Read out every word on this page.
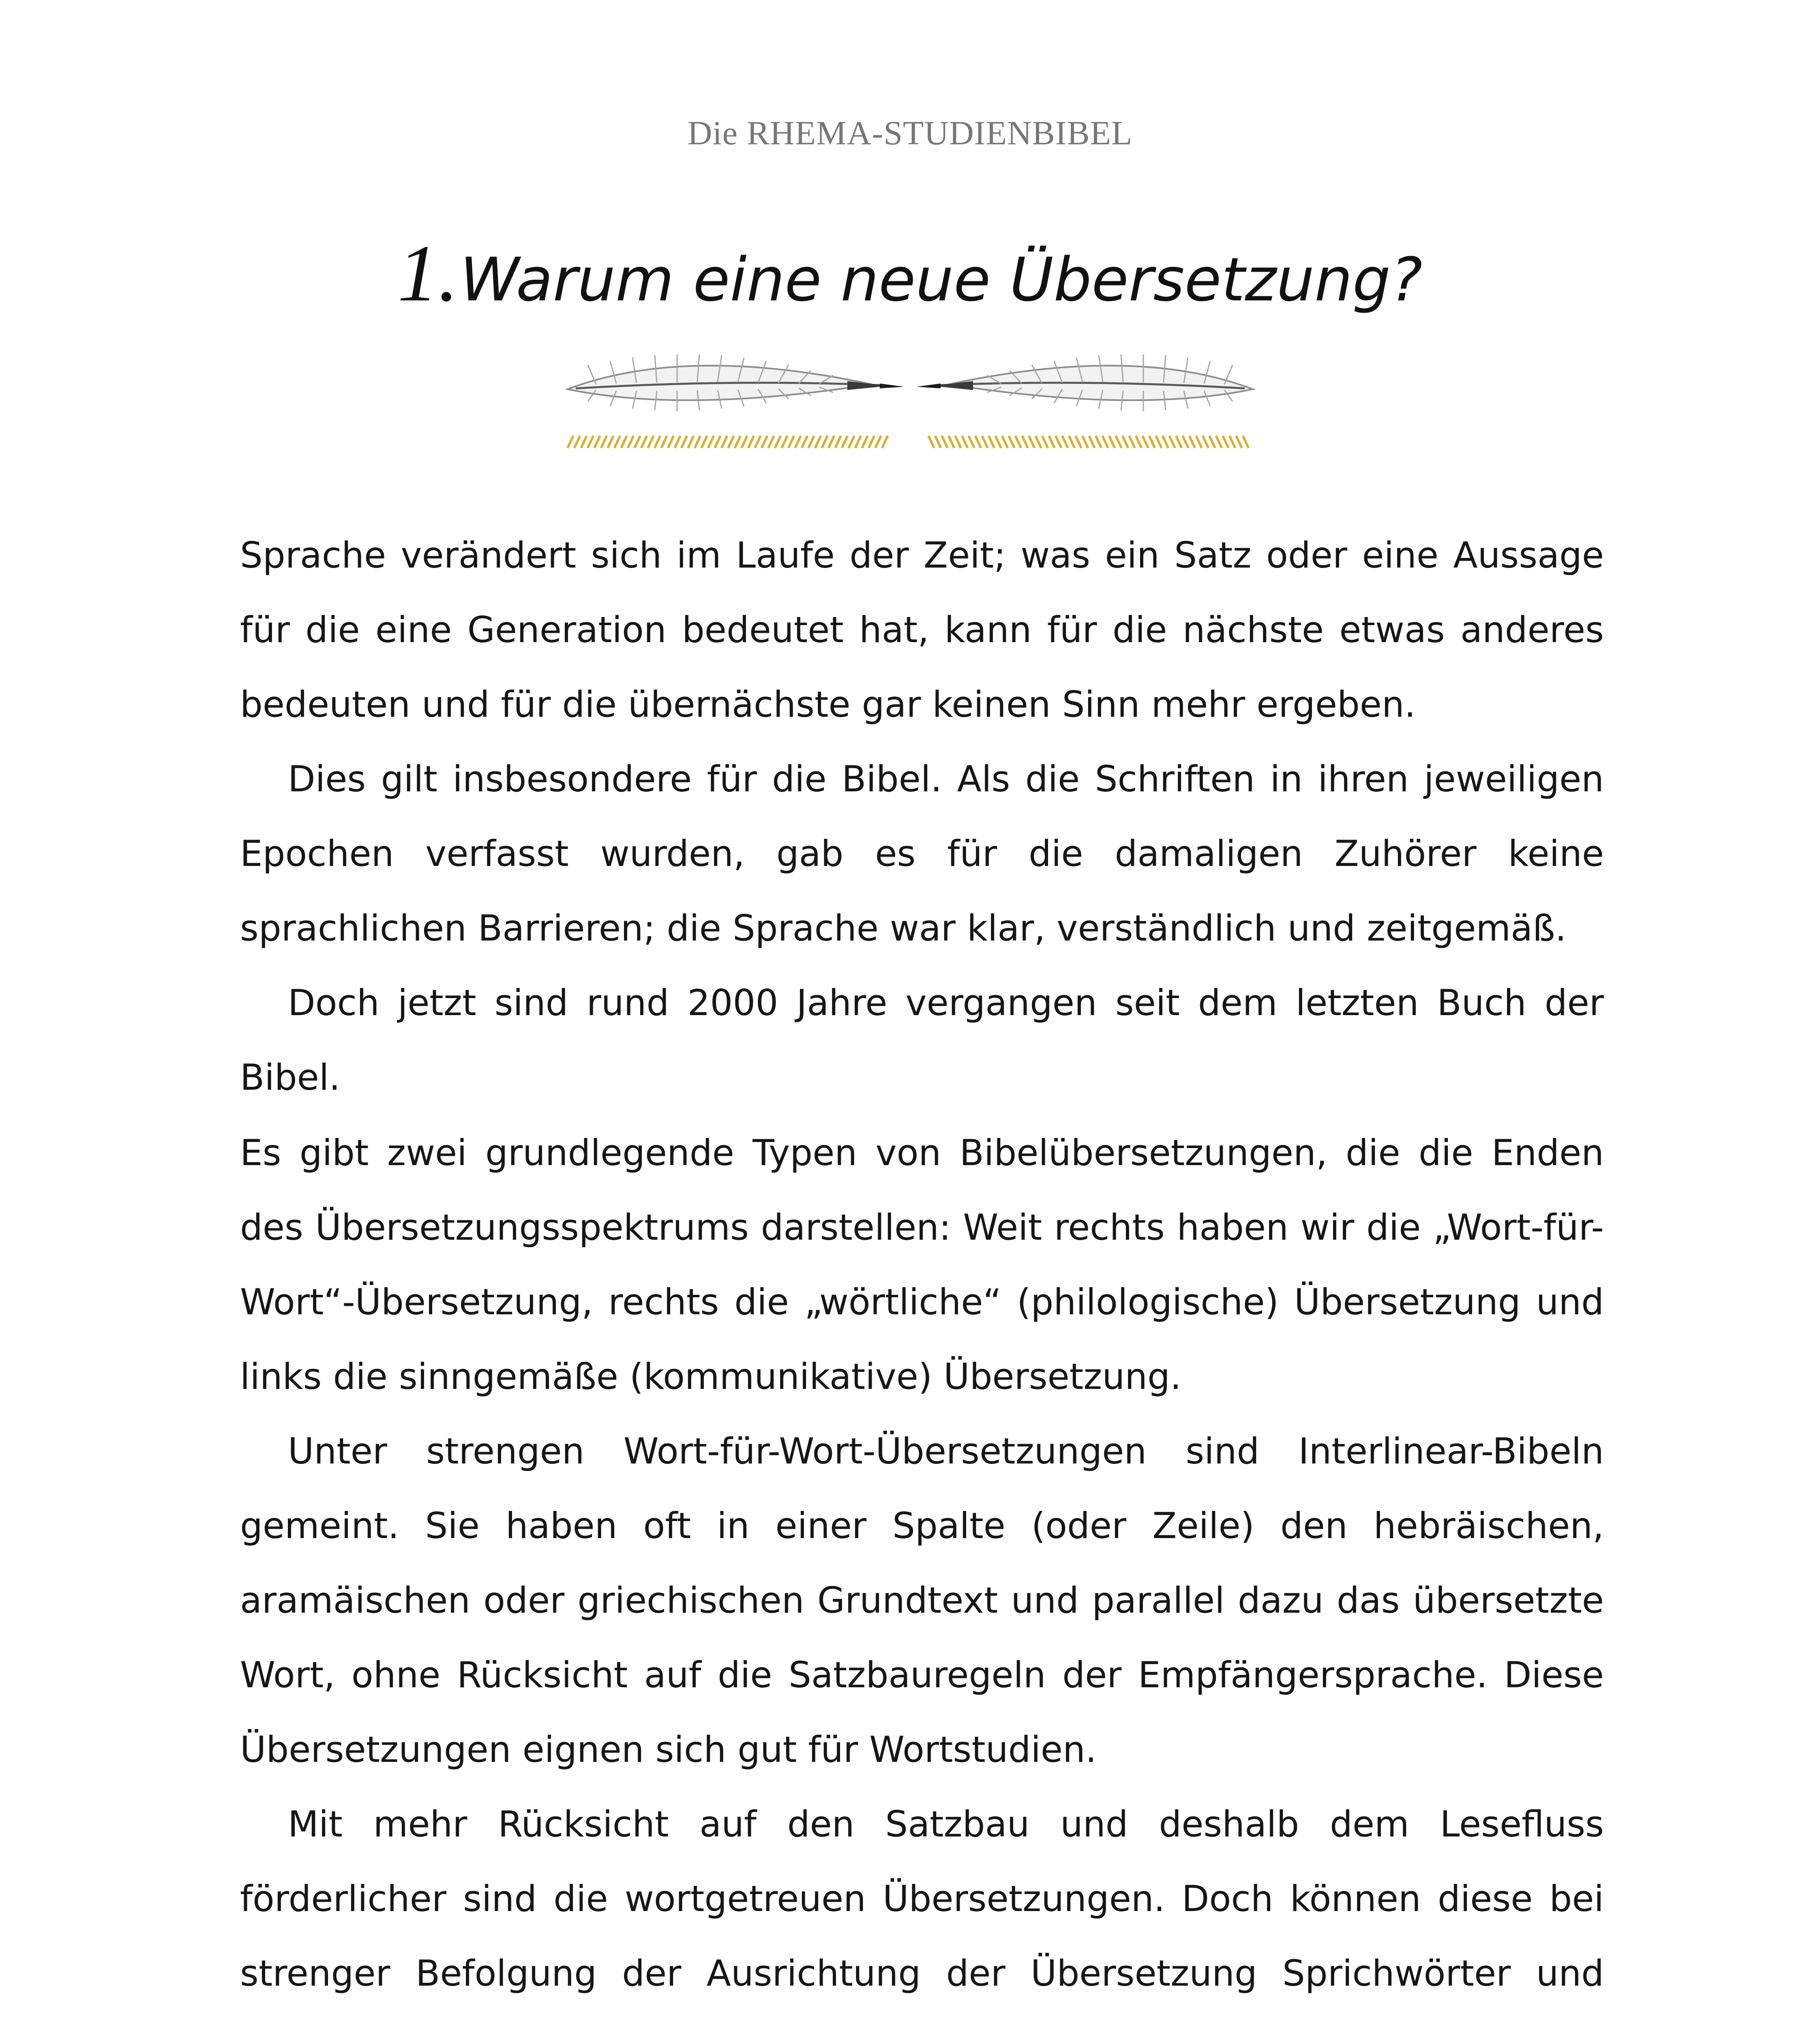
Die RHEMA-STUDIENBIBEL
1. Warum eine neue Übersetzung?

Sprache verändert sich im Laufe der Zeit; was ein Satz oder eine Aussage für die eine Generation bedeutet hat, kann für die nächste etwas anderes bedeuten und für die übernächste gar keinen Sinn mehr ergeben.

Dies gilt insbesondere für die Bibel. Als die Schriften in ihren jeweiligen Epochen verfasst wurden, gab es für die damaligen Zuhörer keine sprachlichen Barrieren; die Sprache war klar, verständlich und zeitgemäß.

Doch jetzt sind rund 2000 Jahre vergangen seit dem letzten Buch der Bibel.

Es gibt zwei grundlegende Typen von Bibelübersetzungen, die die Enden des Übersetzungsspektrums darstellen: Weit rechts haben wir die „Wort-für-Wort“-Übersetzung, rechts die „wörtliche“ (philologische) Übersetzung und links die sinngemäße (kommunikative) Übersetzung.

Unter strengen Wort-für-Wort-Übersetzungen sind Interlinear-Bibeln gemeint. Sie haben oft in einer Spalte (oder Zeile) den hebräischen, aramäischen oder griechischen Grundtext und parallel dazu das übersetzte Wort, ohne Rücksicht auf die Satzbauregeln der Empfängersprache. Diese Übersetzungen eignen sich gut für Wortstudien.

Mit mehr Rücksicht auf den Satzbau und deshalb dem Lesefluss förderlicher sind die wortgetreuen Übersetzungen. Doch können diese bei strenger Befolgung der Ausrichtung der Übersetzung Sprichwörter und
